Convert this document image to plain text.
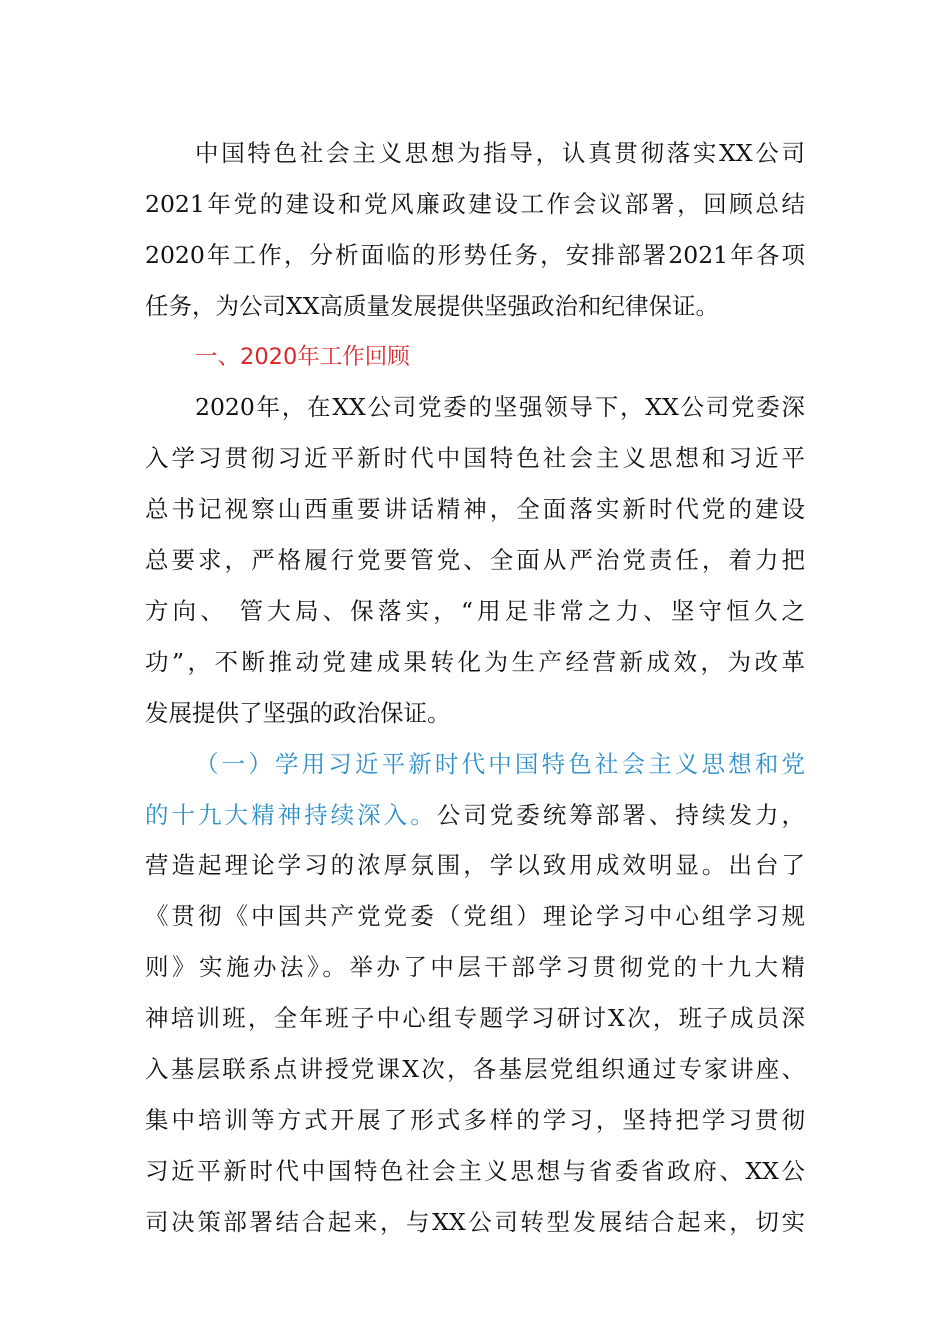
中国特色社会主义思想为指导，认真贯彻落实XX公司
2021年党的建设和党风廉政建设工作会议部署，回顾总结
2020年工作，分析面临的形势任务，安排部署2021年各项
任务，为公司XX高质量发展提供坚强政治和纪律保证。
一、2020年工作回顾
2020年，在XX公司党委的坚强领导下，XX公司党委深
入学习贯彻习近平新时代中国特色社会主义思想和习近平
总书记视察山西重要讲话精神，全面落实新时代党的建设
总要求，严格履行党要管党、全面从严治党责任，着力把
方向、 管大局、保落实，“用足非常之力、坚守恒久之
功”，不断推动党建成果转化为生产经营新成效，为改革
发展提供了坚强的政治保证。
（一）学用习近平新时代中国特色社会主义思想和党
的十九大精神持续深入。公司党委统筹部署、持续发力，
营造起理论学习的浓厚氛围，学以致用成效明显。出台了
《贯彻《中国共产党党委（党组）理论学习中心组学习规
则》实施办法》。举办了中层干部学习贯彻党的十九大精
神培训班，全年班子中心组专题学习研讨X次，班子成员深
入基层联系点讲授党课X次，各基层党组织通过专家讲座、
集中培训等方式开展了形式多样的学习，坚持把学习贯彻
习近平新时代中国特色社会主义思想与省委省政府、XX公
司决策部署结合起来，与XX公司转型发展结合起来，切实
